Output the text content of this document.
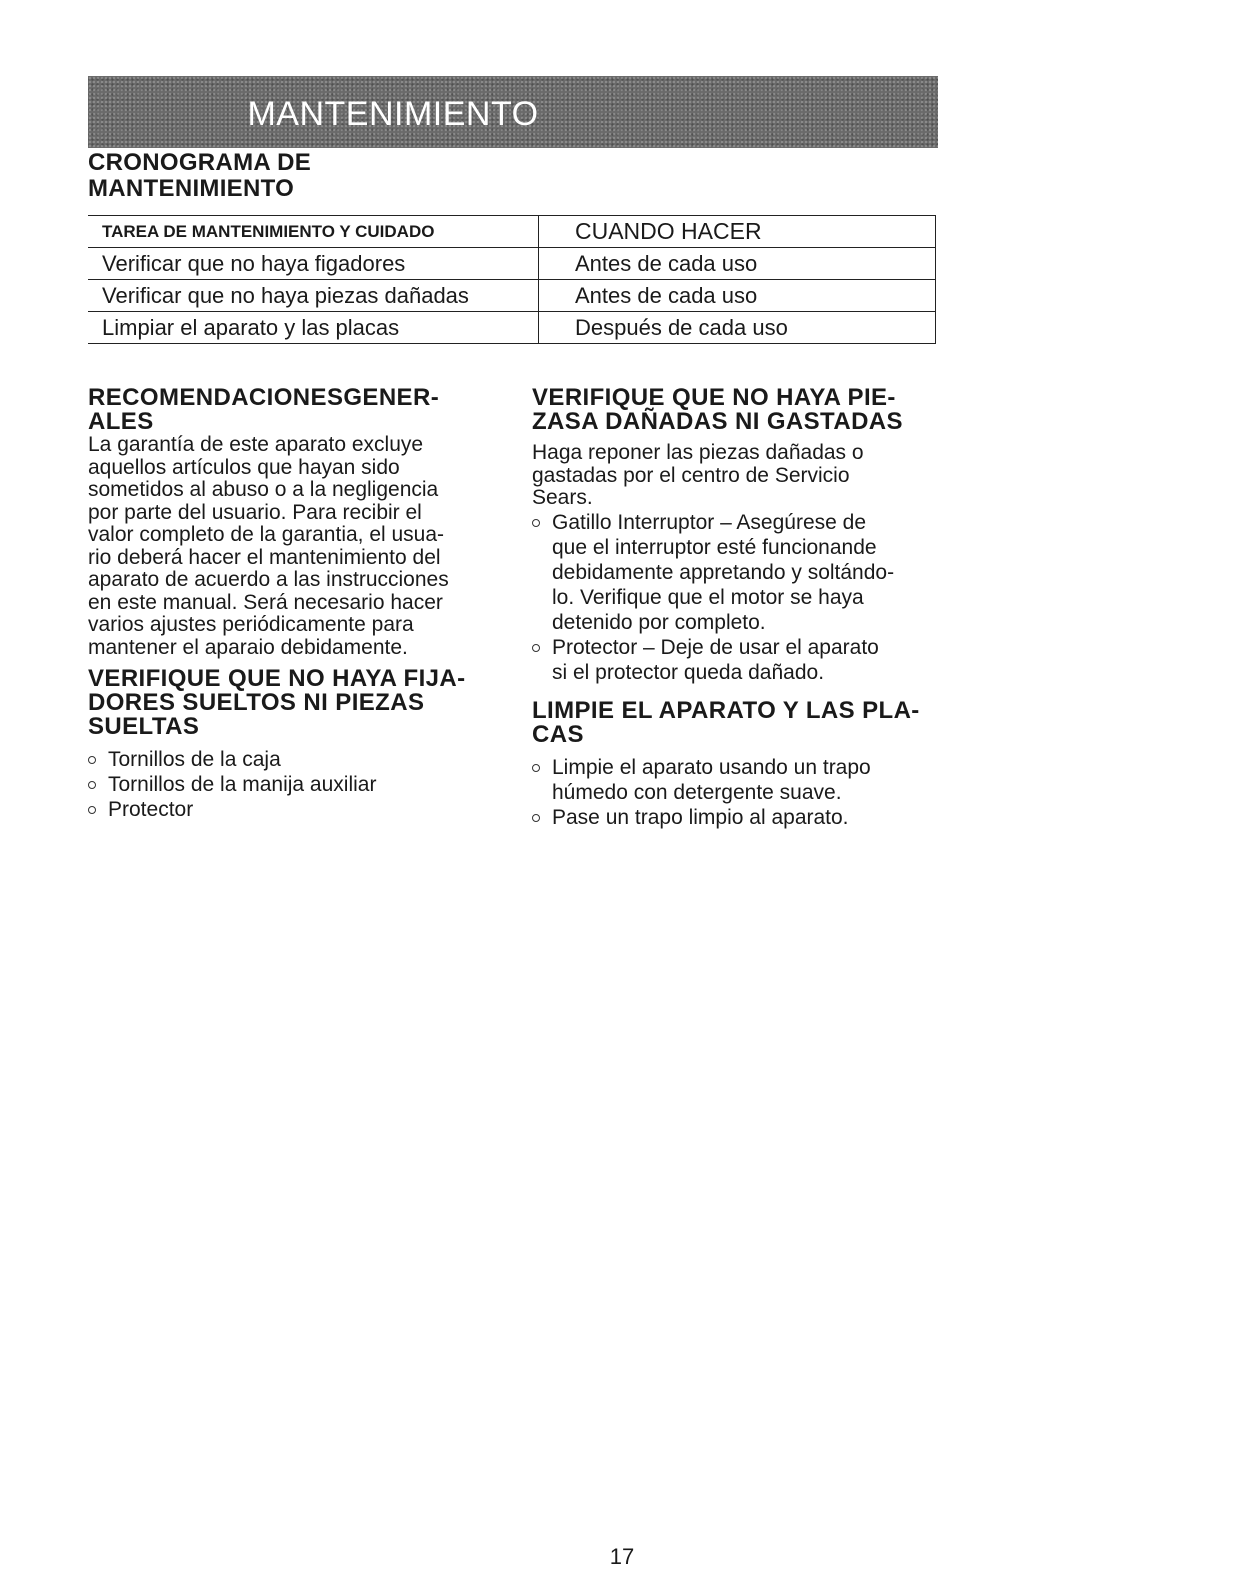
MANTENIMIENTO
CRONOGRAMA DE MANTENIMIENTO
TAREA DE MANTENIMIENTO Y CUIDADO	CUANDO HACER
Verificar que no haya figadores	Antes de cada uso
Verificar que no haya piezas dañadas	Antes de cada uso
Limpiar el aparato y las placas	Después de cada uso
RECOMENDACIONESGENER-
ALES

La garantía de este aparato excluye
aquellos artículos que hayan sido
sometidos al abuso o a la negligencia
por parte del usuario. Para recibir el
valor completo de la garantia, el usua-
rio deberá hacer el mantenimiento del
aparato de acuerdo a las instrucciones
en este manual. Será necesario hacer
varios ajustes periódicamente para
mantener el aparaio debidamente.

VERIFIQUE QUE NO HAYA FIJA-
DORES SUELTOS NI PIEZAS
SUELTAS
Tornillos de la caja
Tornillos de la manija auxiliar
Protector
VERIFIQUE QUE NO HAYA PIE-
ZASA DAÑADAS NI GASTADAS

Haga reponer las piezas dañadas o
gastadas por el centro de Servicio
Sears.

Gatillo Interruptor – Asegúrese de
que el interruptor esté funcionande
debidamente appretando y soltándo-
lo. Verifique que el motor se haya
detenido por completo.
Protector – Deje de usar el aparato
si el protector queda dañado.
LIMPIE EL APARATO Y LAS PLA-
CAS
Limpie el aparato usando un trapo
húmedo con detergente suave.
Pase un trapo limpio al aparato.
17
